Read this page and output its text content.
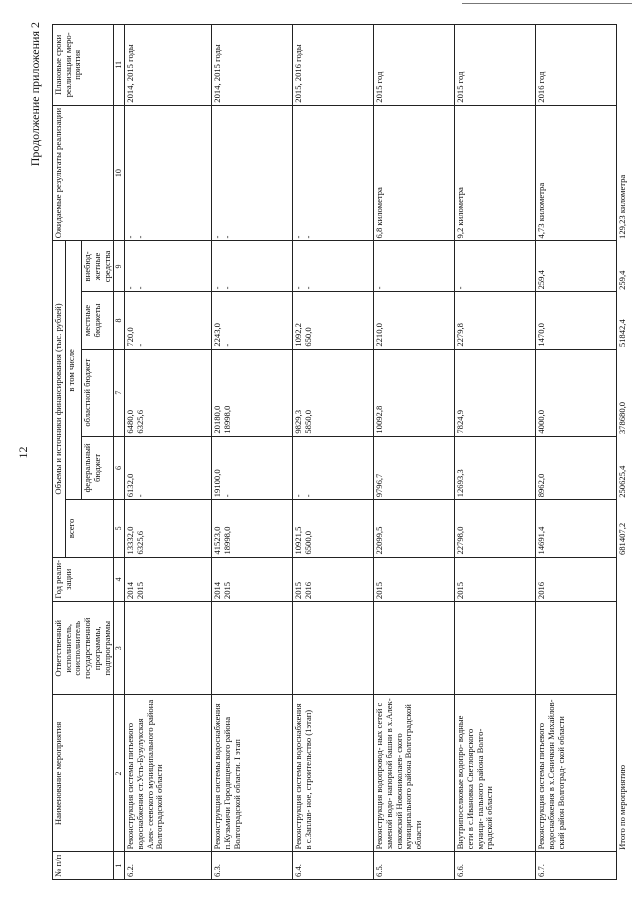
12
Продолжение приложения 2
№ п/п	Наименование мероприятия	Ответственный исполнитель, соисполнитель государственной программы, подпрограммы	Год реали- зации	Объемы и источники финансирования (тыс. рублей)					Ожидаемые результаты реализации	Плановые сроки реализации меро- приятия
				всего	в том числе					
					федеральный бюджет	областной бюджет	местные бюджеты	внебюд- жетные средства		
1	2	3	4	5	6	7	8	9	10	11
6.2.	Реконструкция системы питьевого водоснабжения ст.Усть-Бузулукская Алек- сеевского муниципального района Волгоградской области		2014 2015	13332,0 6325,6	6132,0 -	6480,0 6325,6	720,0 -	- -	- -	2014, 2015 годы
6.3.	Реконструкция системы водоснабжения п.Кузьмичи Городищенского района Волгоградской области. I этап		2014 2015	41523,0 18998,0	19100,0 -	20180,0 18998,0	2243,0 -	- -	- -	2014, 2015 годы
6.4.	Реконструкция системы водоснабжения в с.Заплав- ное, строительство (1этап)		2015 2016	10921,5 6500,0	- -	9829,3 5850,0	1092,2 650,0	- -	- -	2015, 2016 годы
6.5.	Реконструкция водопровод- ных сетей с заменой водо- напорной башни в х.Алек- сиковский Новониколаев- ского муниципального района Волгоградской области		2015	22099,5	9796,7	10092,8	2210,0	-	6,8 километра	2015 год
6.6.	Внутрипоселковые водопро- водные сети в с.Ивановка Светлоярского муници- пального района Волго- градской области		2015	22798,0	12693,3	7824,9	2279,8	-	9,2 километра	2015 год
6.7.	Реконструкция системы питьевого водоснабжения в х.Сеничкин Михайлов- ский район Волгоград- ской области		2016	14691,4	8962,0	4000,0	1470,0	259,4	4,73 километра	2016 год
	Итого по мероприятию			681407,2	250625,4	378680,0	51842,4	259,4	129,23 километра	
